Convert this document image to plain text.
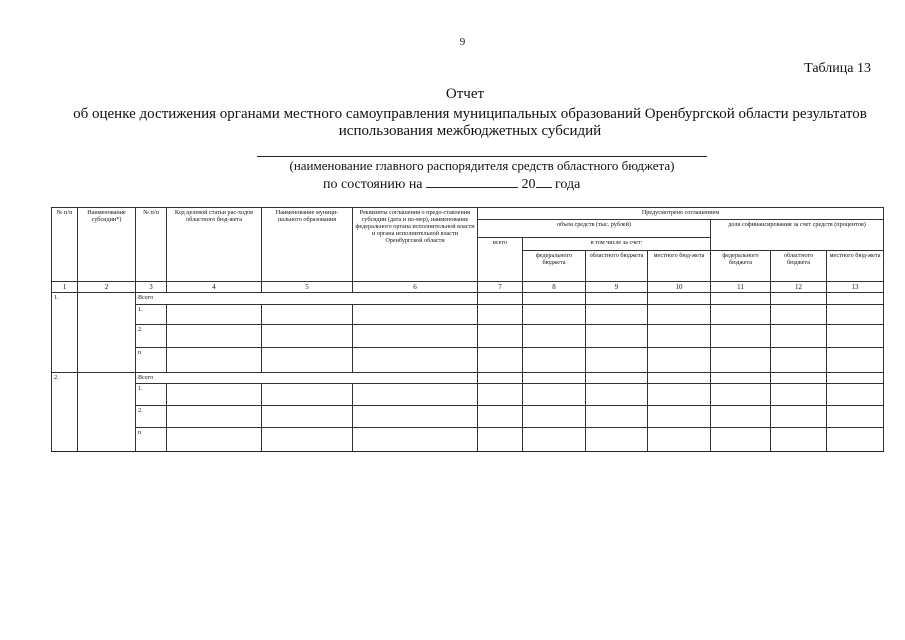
9
Таблица 13
Отчет
об оценке достижения органами местного самоуправления муниципальных образований Оренбургской области результатов
использования межбюджетных субсидий
(наименование главного распорядителя средств областного бюджета)
по состоянию на	20 года
№ п/п	Наименование субсидии*)	№ п/п	Код целевой статьи рас-ходов областного бюд-жета	Наименование муници-пального образования	Реквизиты соглашения о предо-ставлении субсидии (дата и но-мер), наименование федерального органа исполнительной власти и органа исполнительной власти Оренбургской области	Предусмотрено соглашением						
						объем средств (тыс. рублей)				доля софинансирования за счет средств (процентов)		
						всего	в том числе за счет:					
							федерального бюджета	областного бюджета	местного бюд-жета	федерального бюджета	областного бюджета	местного бюд-жета
1	2	3	4	5	6	7	8	9	10	11	12	13
1.		Всего										
		1.										
		2.										
		n										
2.		Всего										
		1.										
		2.										
		n										
